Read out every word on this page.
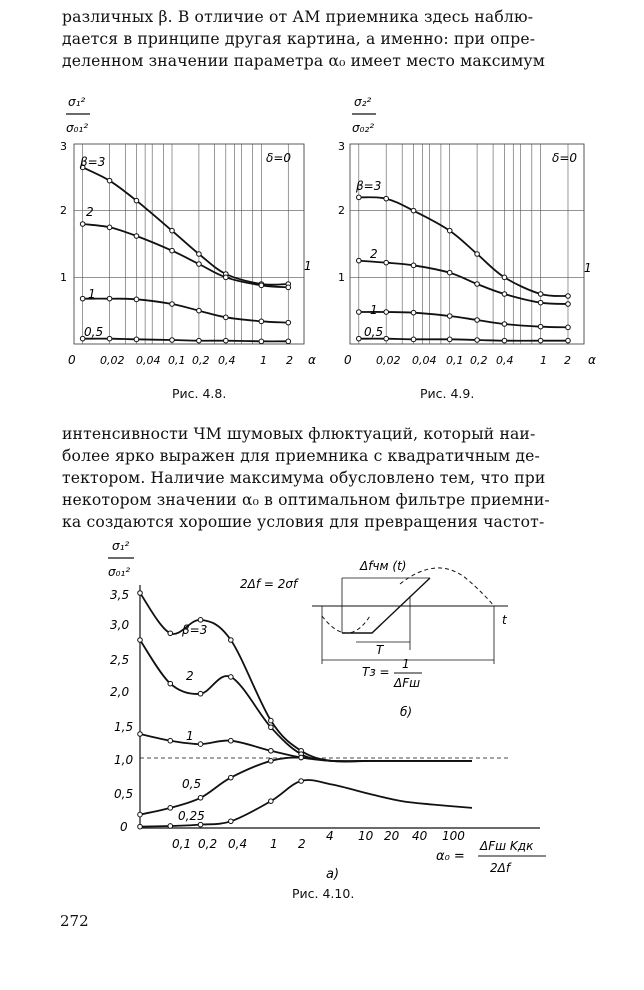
различных β. В отличие от АМ приемника здесь наблю-
дается в принципе другая картина, а именно: при опре-
деленном значении параметра α₀ имеет место максимум
σ₁²
σ₀₁²
δ=0
β=3
2
1
0,5
1
3
2
1
0 0,02 0,04 0,1 0,2 0,4 1 2 α
Рис. 4.8.
σ₂²
σ₀₂²
δ=0
β=3
2
1
0,5
1
3
2
1
0 0,02 0,04 0,1 0,2 0,4 1 2 α
Рис. 4.9.
интенсивности ЧМ шумовых флюктуаций, который наи-
более ярко выражен для приемника с квадратичным де-
тектором. Наличие максимума обусловлено тем, что при
некотором значении α₀ в оптимальном фильтре приемни-
ка создаются хорошие условия для превращения частот-
σ₁²
σ₀₁²
3,5
3,0
2,5
2,0
1,5
1,0
0,5
0
0,1 0,2 0,4 1 2
4 10 20 40 100
α₀ =
ΔFш Kдк
2Δf
β=3
2
1
0,5
0,25
а)
t
2Δf = 2σf
Δfчм (t)
T
Tз =
1
ΔFш
б)
Рис. 4.10.
272
